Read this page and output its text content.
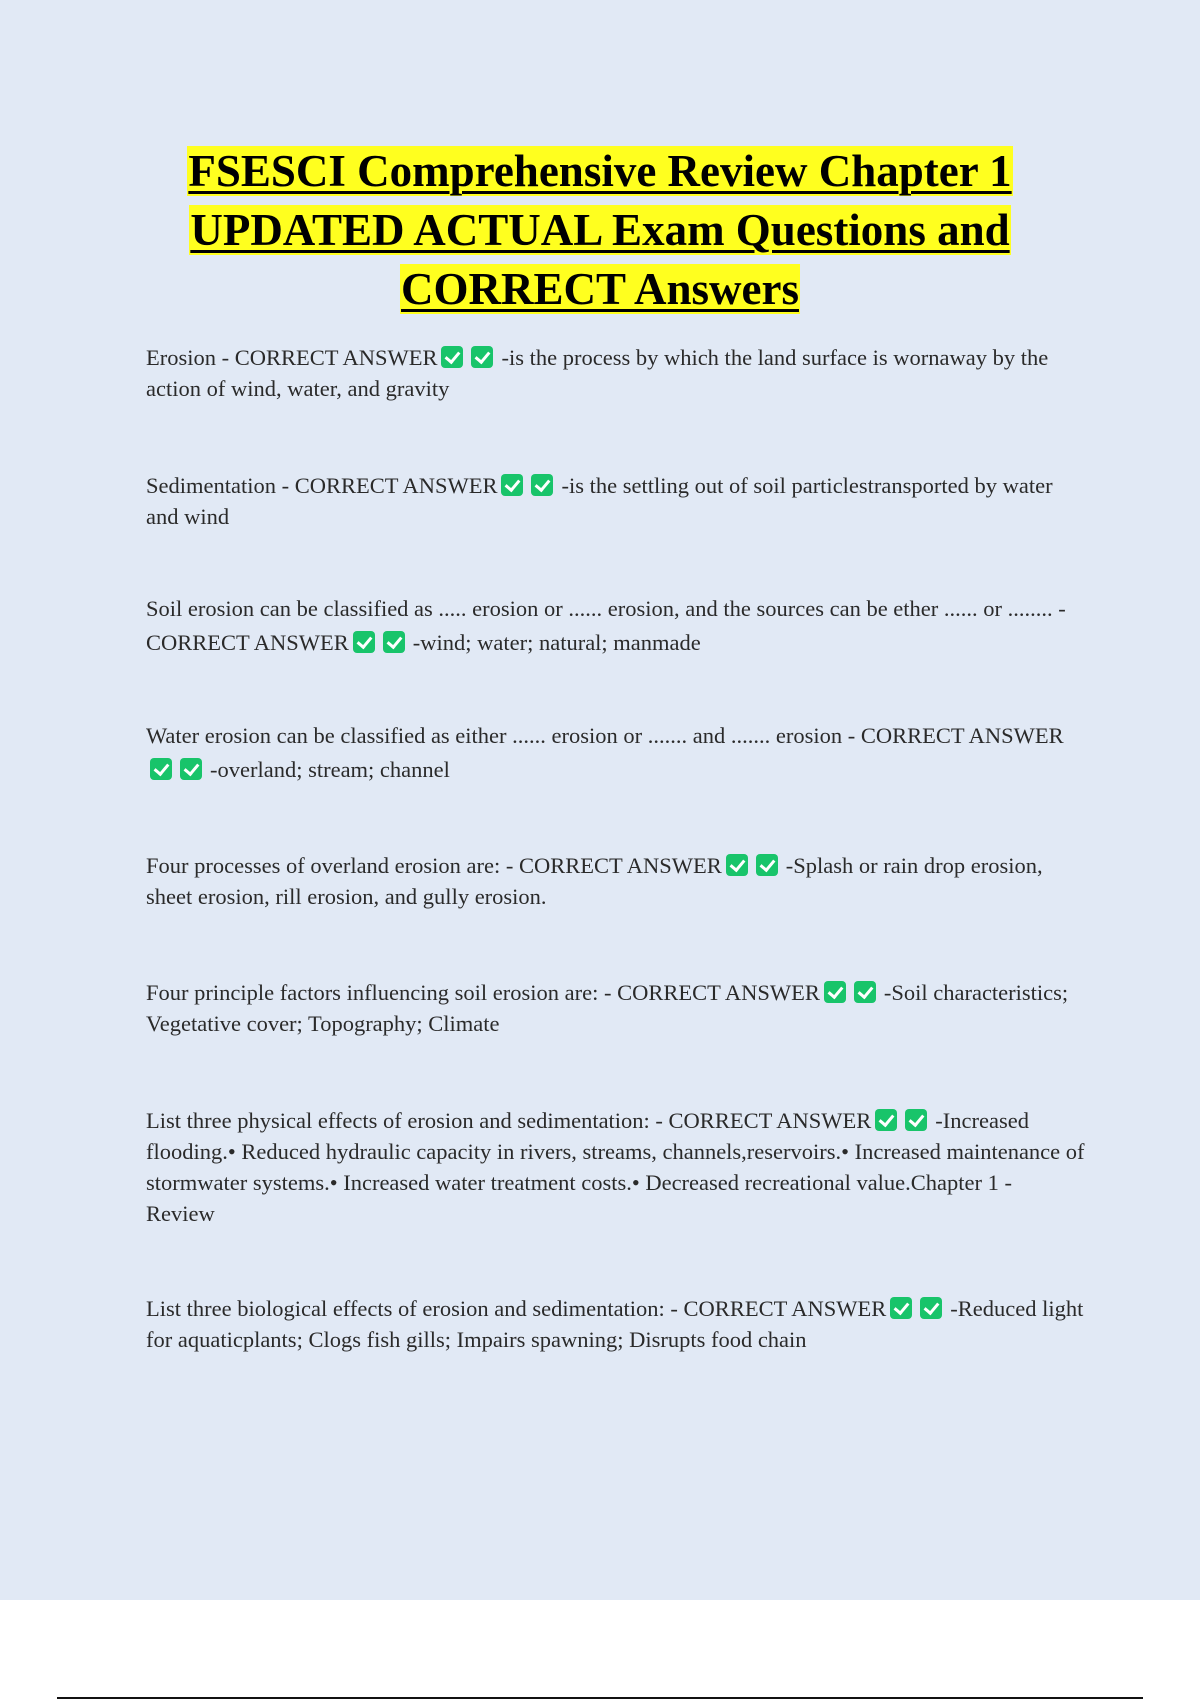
FSESCI Comprehensive Review Chapter 1
UPDATED ACTUAL Exam Questions and
CORRECT Answers
Erosion - CORRECT ANSWER	-is the process by which the land surface is wornaway by the action of wind, water, and gravity
Sedimentation - CORRECT ANSWER	-is the settling out of soil particlestransported by water and wind
Soil erosion can be classified as ..... erosion or ...... erosion, and the sources can be ether ...... or ........ - CORRECT ANSWER	-wind; water; natural; manmade
Water erosion can be classified as either ...... erosion or ....... and ....... erosion - CORRECT ANSWER-overland; stream; channel
Four processes of overland erosion are: - CORRECT ANSWER	-Splash or rain drop erosion, sheet erosion, rill erosion, and gully erosion.
Four principle factors influencing soil erosion are: - CORRECT ANSWER	-Soil characteristics; Vegetative cover; Topography; Climate
List three physical effects of erosion and sedimentation: - CORRECT ANSWER	-Increased flooding.• Reduced hydraulic capacity in rivers, streams, channels,reservoirs.• Increased maintenance of stormwater systems.• Increased water treatment costs.• Decreased recreational value.Chapter 1 - Review
List three biological effects of erosion and sedimentation: - CORRECT ANSWER	-Reduced light for aquaticplants; Clogs fish gills; Impairs spawning; Disrupts food chain
